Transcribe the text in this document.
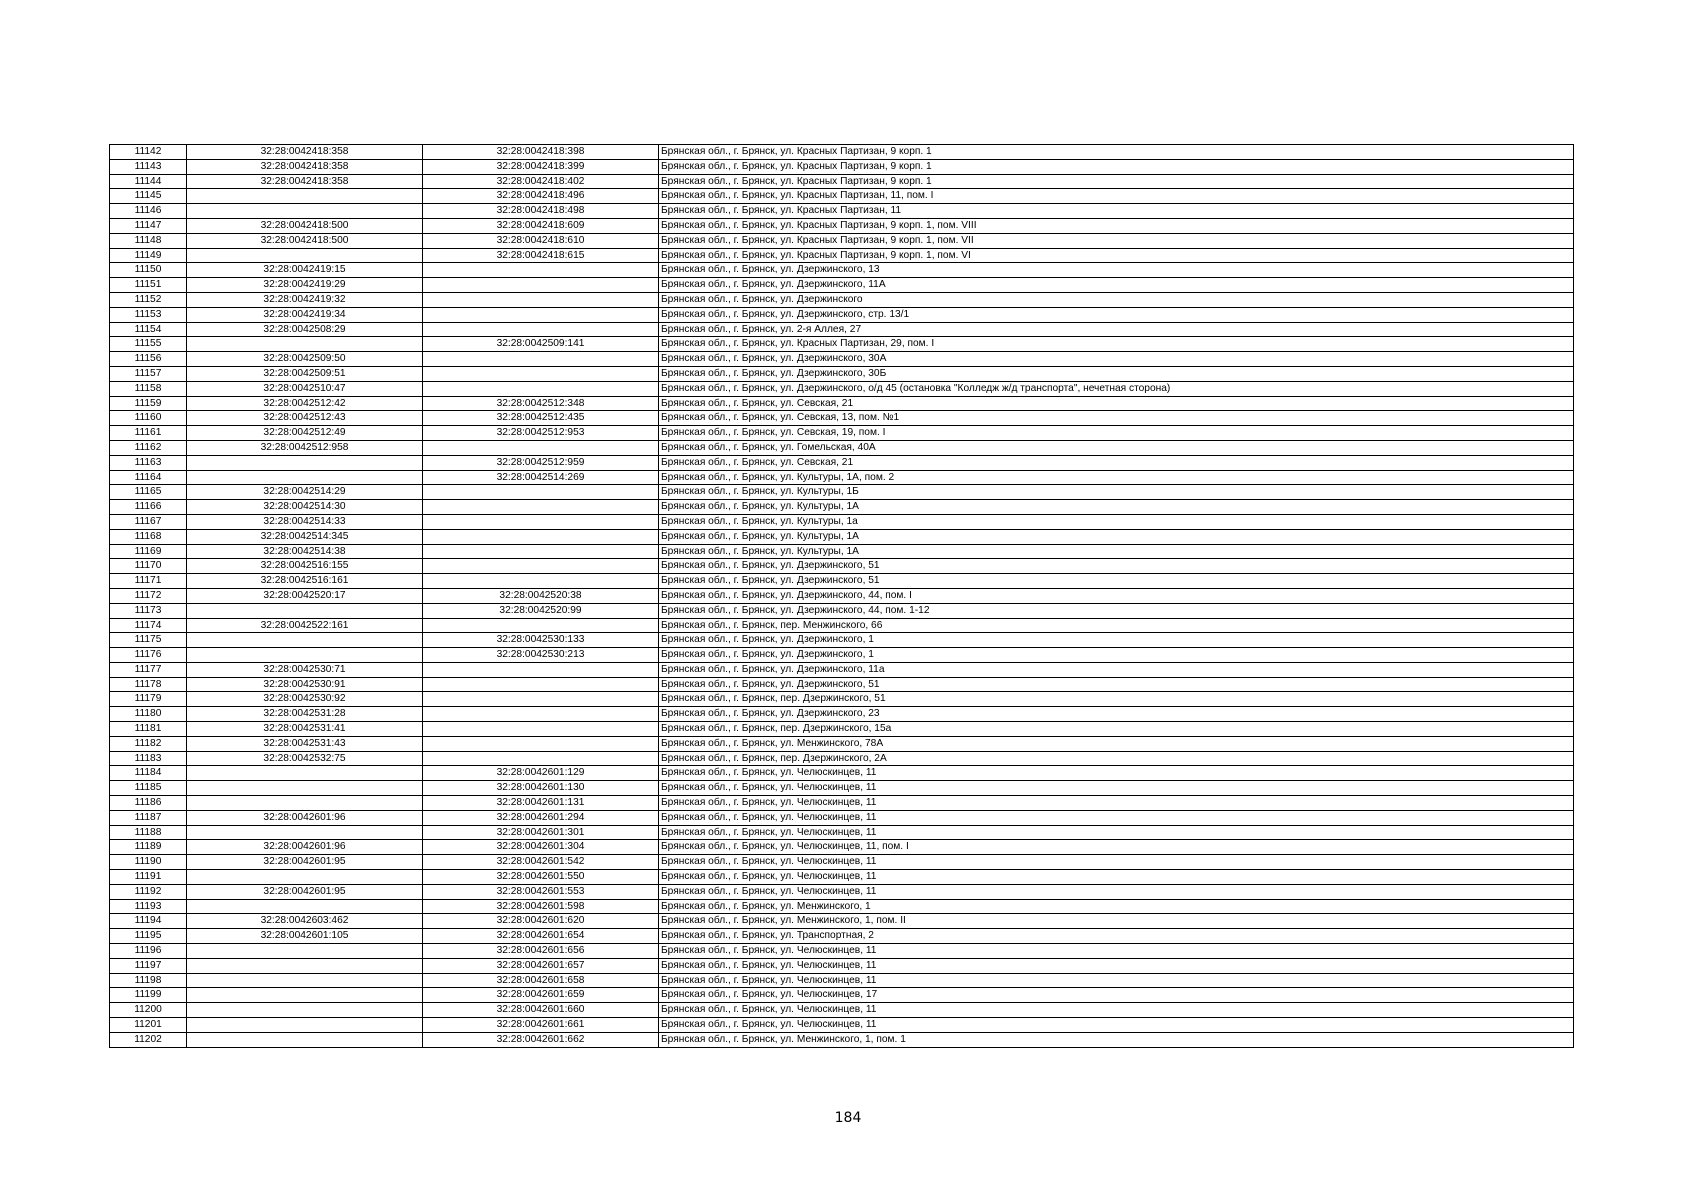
11142	32:28:0042418:358	32:28:0042418:398	Брянская обл., г. Брянск, ул. Красных Партизан, 9 корп. 1
11143	32:28:0042418:358	32:28:0042418:399	Брянская обл., г. Брянск, ул. Красных Партизан, 9 корп. 1
11144	32:28:0042418:358	32:28:0042418:402	Брянская обл., г. Брянск, ул. Красных Партизан, 9 корп. 1
11145		32:28:0042418:496	Брянская обл., г. Брянск, ул. Красных Партизан, 11, пом. I
11146		32:28:0042418:498	Брянская обл., г. Брянск, ул. Красных Партизан, 11
11147	32:28:0042418:500	32:28:0042418:609	Брянская обл., г. Брянск, ул. Красных Партизан, 9 корп. 1, пом. VIII
11148	32:28:0042418:500	32:28:0042418:610	Брянская обл., г. Брянск, ул. Красных Партизан, 9 корп. 1, пом. VII
11149		32:28:0042418:615	Брянская обл., г. Брянск, ул. Красных Партизан, 9 корп. 1, пом. VI
11150	32:28:0042419:15		Брянская обл., г. Брянск, ул. Дзержинского, 13
11151	32:28:0042419:29		Брянская обл., г. Брянск, ул. Дзержинского, 11А
11152	32:28:0042419:32		Брянская обл., г. Брянск, ул. Дзержинского
11153	32:28:0042419:34		Брянская обл., г. Брянск, ул. Дзержинского, стр. 13/1
11154	32:28:0042508:29		Брянская обл., г. Брянск, ул. 2-я Аллея, 27
11155		32:28:0042509:141	Брянская обл., г. Брянск, ул. Красных Партизан, 29, пом. I
11156	32:28:0042509:50		Брянская обл., г. Брянск, ул. Дзержинского, 30А
11157	32:28:0042509:51		Брянская обл., г. Брянск, ул. Дзержинского, 30Б
11158	32:28:0042510:47		Брянская обл., г. Брянск, ул. Дзержинского, о/д 45 (остановка "Колледж ж/д транспорта", нечетная сторона)
11159	32:28:0042512:42	32:28:0042512:348	Брянская обл., г. Брянск, ул. Севская, 21
11160	32:28:0042512:43	32:28:0042512:435	Брянская обл., г. Брянск, ул. Севская, 13, пом. №1
11161	32:28:0042512:49	32:28:0042512:953	Брянская обл., г. Брянск, ул. Севская, 19, пом. I
11162	32:28:0042512:958		Брянская обл., г. Брянск, ул. Гомельская, 40А
11163		32:28:0042512:959	Брянская обл., г. Брянск, ул. Севская, 21
11164		32:28:0042514:269	Брянская обл., г. Брянск, ул. Культуры, 1А, пом. 2
11165	32:28:0042514:29		Брянская обл., г. Брянск, ул. Культуры, 1Б
11166	32:28:0042514:30		Брянская обл., г. Брянск, ул. Культуры, 1А
11167	32:28:0042514:33		Брянская обл., г. Брянск, ул. Культуры, 1а
11168	32:28:0042514:345		Брянская обл., г. Брянск, ул. Культуры, 1А
11169	32:28:0042514:38		Брянская обл., г. Брянск, ул. Культуры, 1А
11170	32:28:0042516:155		Брянская обл., г. Брянск, ул. Дзержинского, 51
11171	32:28:0042516:161		Брянская обл., г. Брянск, ул. Дзержинского, 51
11172	32:28:0042520:17	32:28:0042520:38	Брянская обл., г. Брянск, ул. Дзержинского, 44, пом. I
11173		32:28:0042520:99	Брянская обл., г. Брянск, ул. Дзержинского, 44, пом. 1-12
11174	32:28:0042522:161		Брянская обл., г. Брянск, пер. Менжинского, 66
11175		32:28:0042530:133	Брянская обл., г. Брянск, ул. Дзержинского, 1
11176		32:28:0042530:213	Брянская обл., г. Брянск, ул. Дзержинского, 1
11177	32:28:0042530:71		Брянская обл., г. Брянск, ул. Дзержинского, 11а
11178	32:28:0042530:91		Брянская обл., г. Брянск, ул. Дзержинского, 51
11179	32:28:0042530:92		Брянская обл., г. Брянск, пер. Дзержинского, 51
11180	32:28:0042531:28		Брянская обл., г. Брянск, ул. Дзержинского, 23
11181	32:28:0042531:41		Брянская обл., г. Брянск, пер. Дзержинского, 15а
11182	32:28:0042531:43		Брянская обл., г. Брянск, ул. Менжинского, 78А
11183	32:28:0042532:75		Брянская обл., г. Брянск, пер. Дзержинского, 2А
11184		32:28:0042601:129	Брянская обл., г. Брянск, ул. Челюскинцев, 11
11185		32:28:0042601:130	Брянская обл., г. Брянск, ул. Челюскинцев, 11
11186		32:28:0042601:131	Брянская обл., г. Брянск, ул. Челюскинцев, 11
11187	32:28:0042601:96	32:28:0042601:294	Брянская обл., г. Брянск, ул. Челюскинцев, 11
11188		32:28:0042601:301	Брянская обл., г. Брянск, ул. Челюскинцев, 11
11189	32:28:0042601:96	32:28:0042601:304	Брянская обл., г. Брянск, ул. Челюскинцев, 11, пом. I
11190	32:28:0042601:95	32:28:0042601:542	Брянская обл., г. Брянск, ул. Челюскинцев, 11
11191		32:28:0042601:550	Брянская обл., г. Брянск, ул. Челюскинцев, 11
11192	32:28:0042601:95	32:28:0042601:553	Брянская обл., г. Брянск, ул. Челюскинцев, 11
11193		32:28:0042601:598	Брянская обл., г. Брянск, ул. Менжинского, 1
11194	32:28:0042603:462	32:28:0042601:620	Брянская обл., г. Брянск, ул. Менжинского, 1, пом. II
11195	32:28:0042601:105	32:28:0042601:654	Брянская обл., г. Брянск, ул. Транспортная, 2
11196		32:28:0042601:656	Брянская обл., г. Брянск, ул. Челюскинцев, 11
11197		32:28:0042601:657	Брянская обл., г. Брянск, ул. Челюскинцев, 11
11198		32:28:0042601:658	Брянская обл., г. Брянск, ул. Челюскинцев, 11
11199		32:28:0042601:659	Брянская обл., г. Брянск, ул. Челюскинцев, 17
11200		32:28:0042601:660	Брянская обл., г. Брянск, ул. Челюскинцев, 11
11201		32:28:0042601:661	Брянская обл., г. Брянск, ул. Челюскинцев, 11
11202		32:28:0042601:662	Брянская обл., г. Брянск, ул. Менжинского, 1, пом. 1
184
